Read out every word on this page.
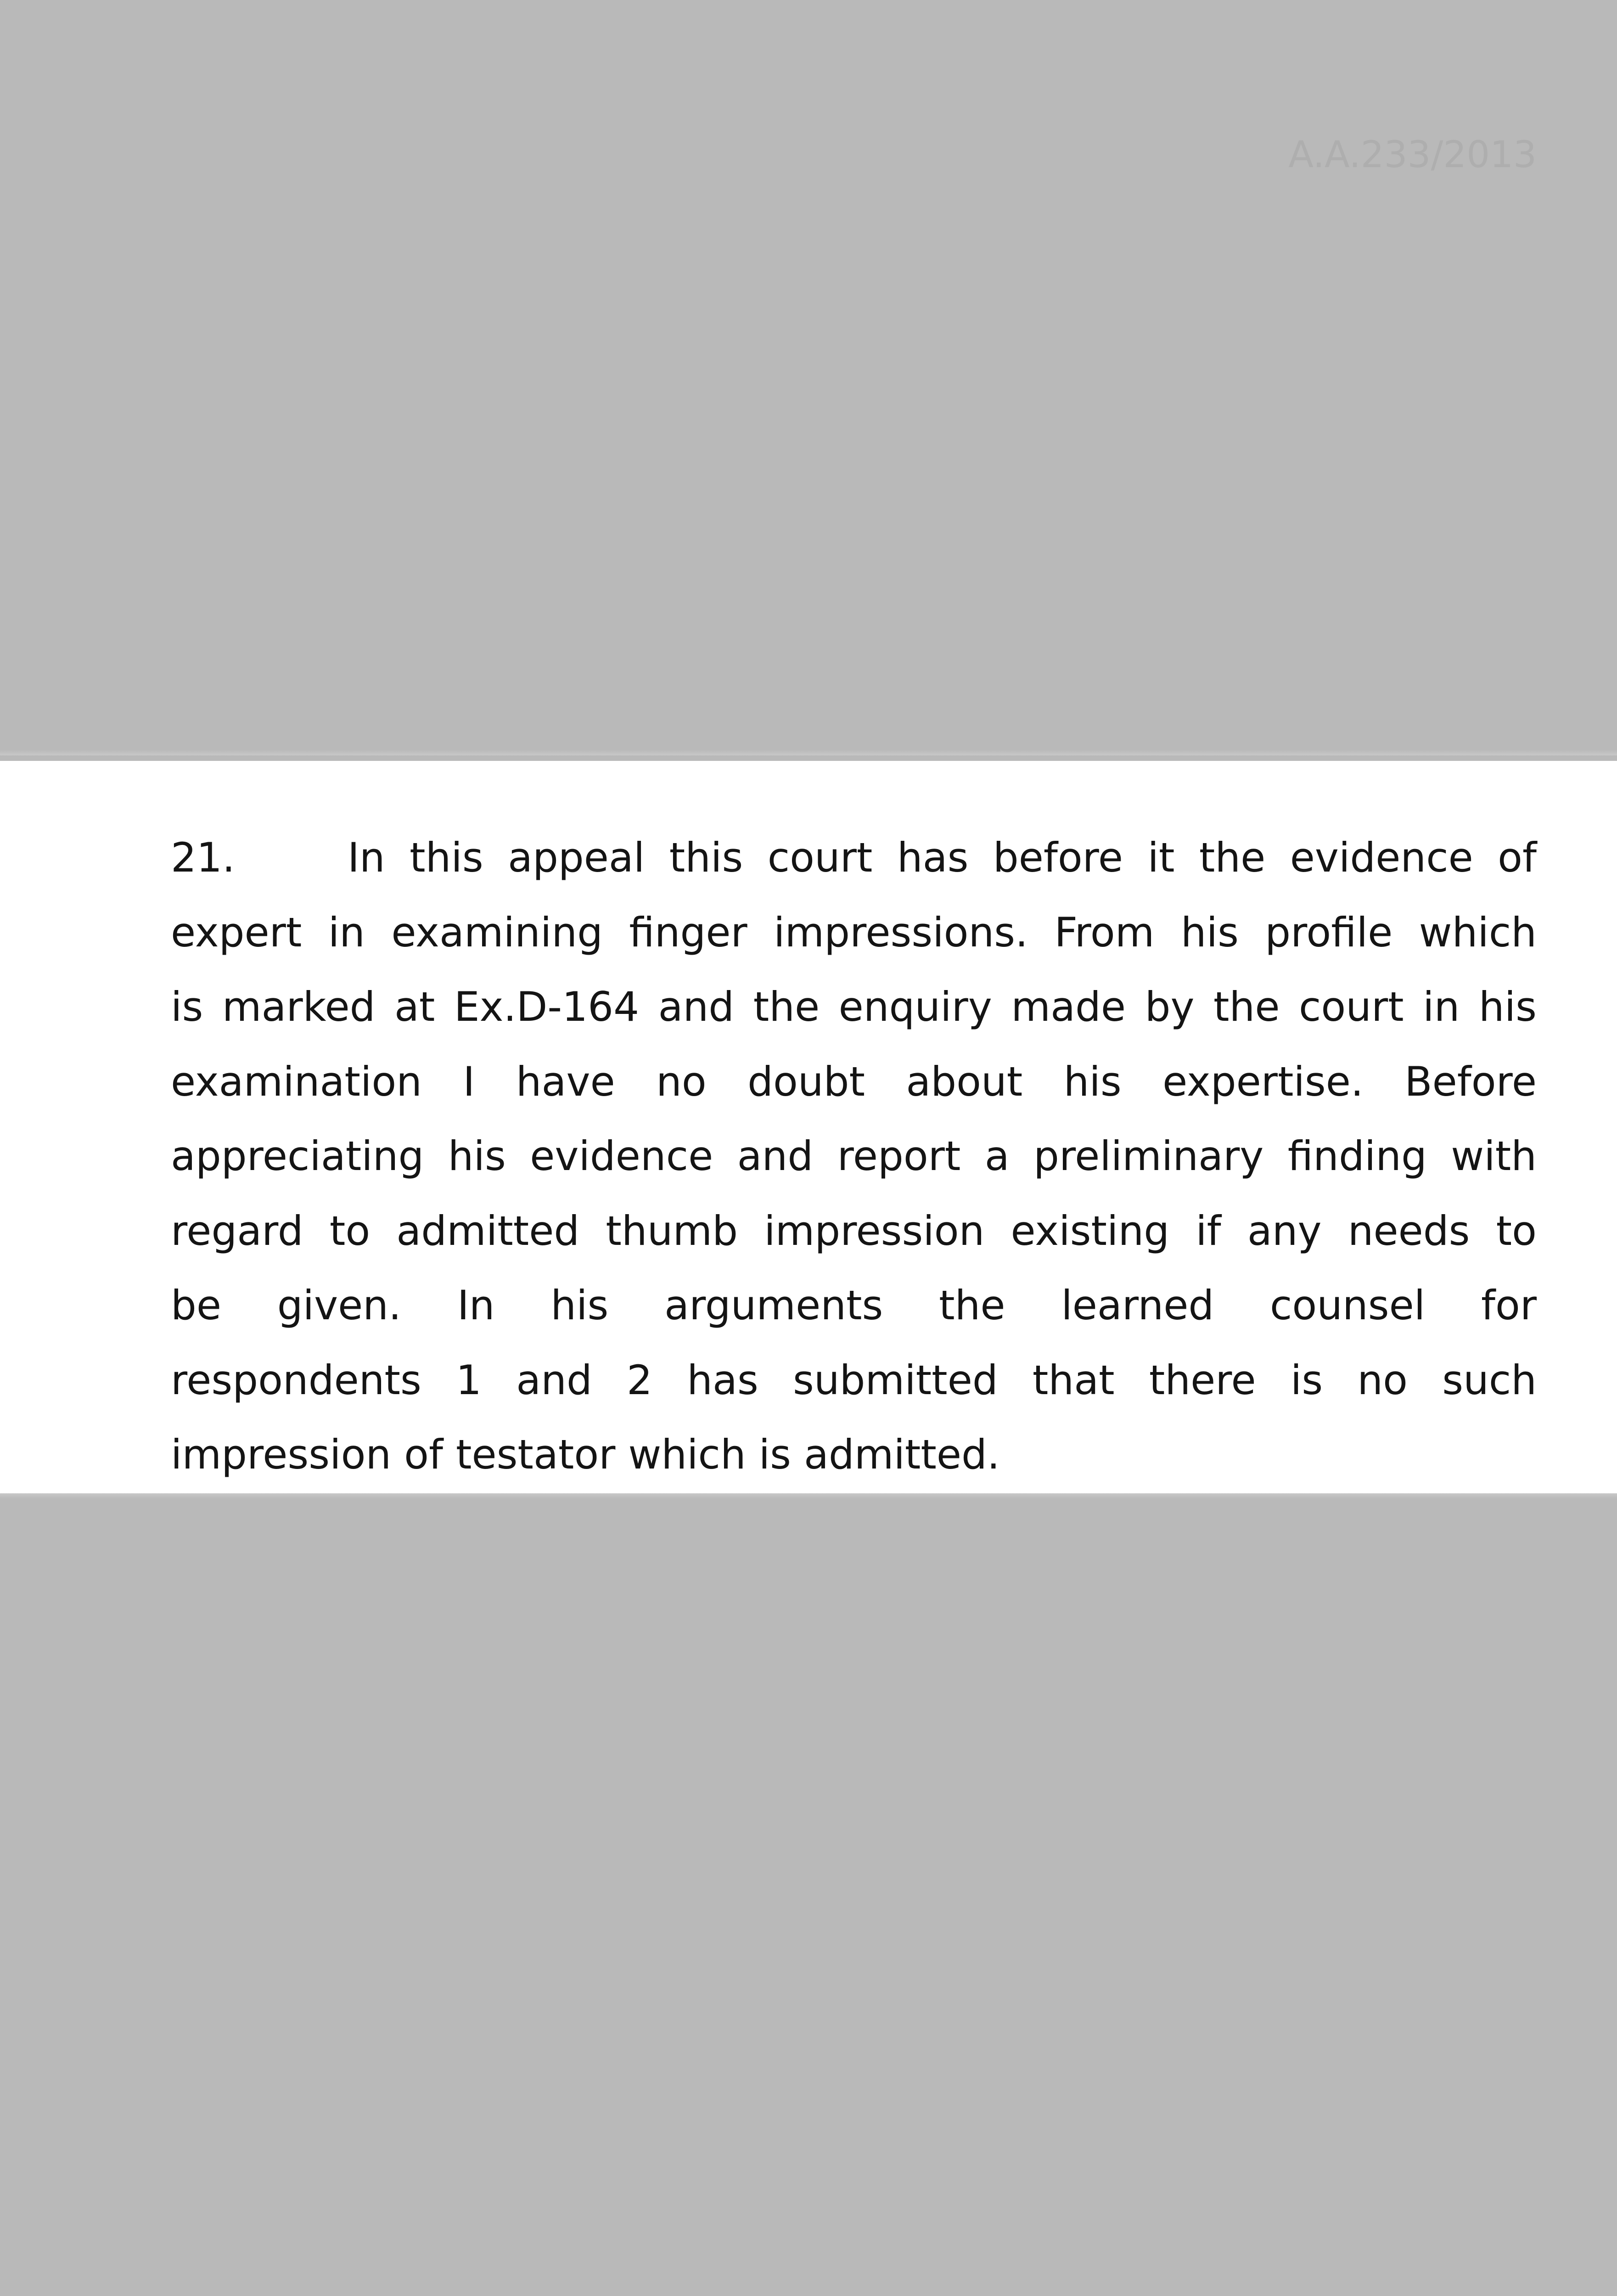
A.A.233/2013
21.	In this appeal this court has before it the evidence of
expert in examining finger impressions. From his profile which
is marked at Ex.D-164 and the enquiry made by the court in his
examination I have no doubt about his expertise. Before
appreciating his evidence and report a preliminary finding with
regard to admitted thumb impression existing if any needs to
be given. In his arguments the learned counsel for
respondents 1 and 2 has submitted that there is no such
impression of testator which is admitted.
